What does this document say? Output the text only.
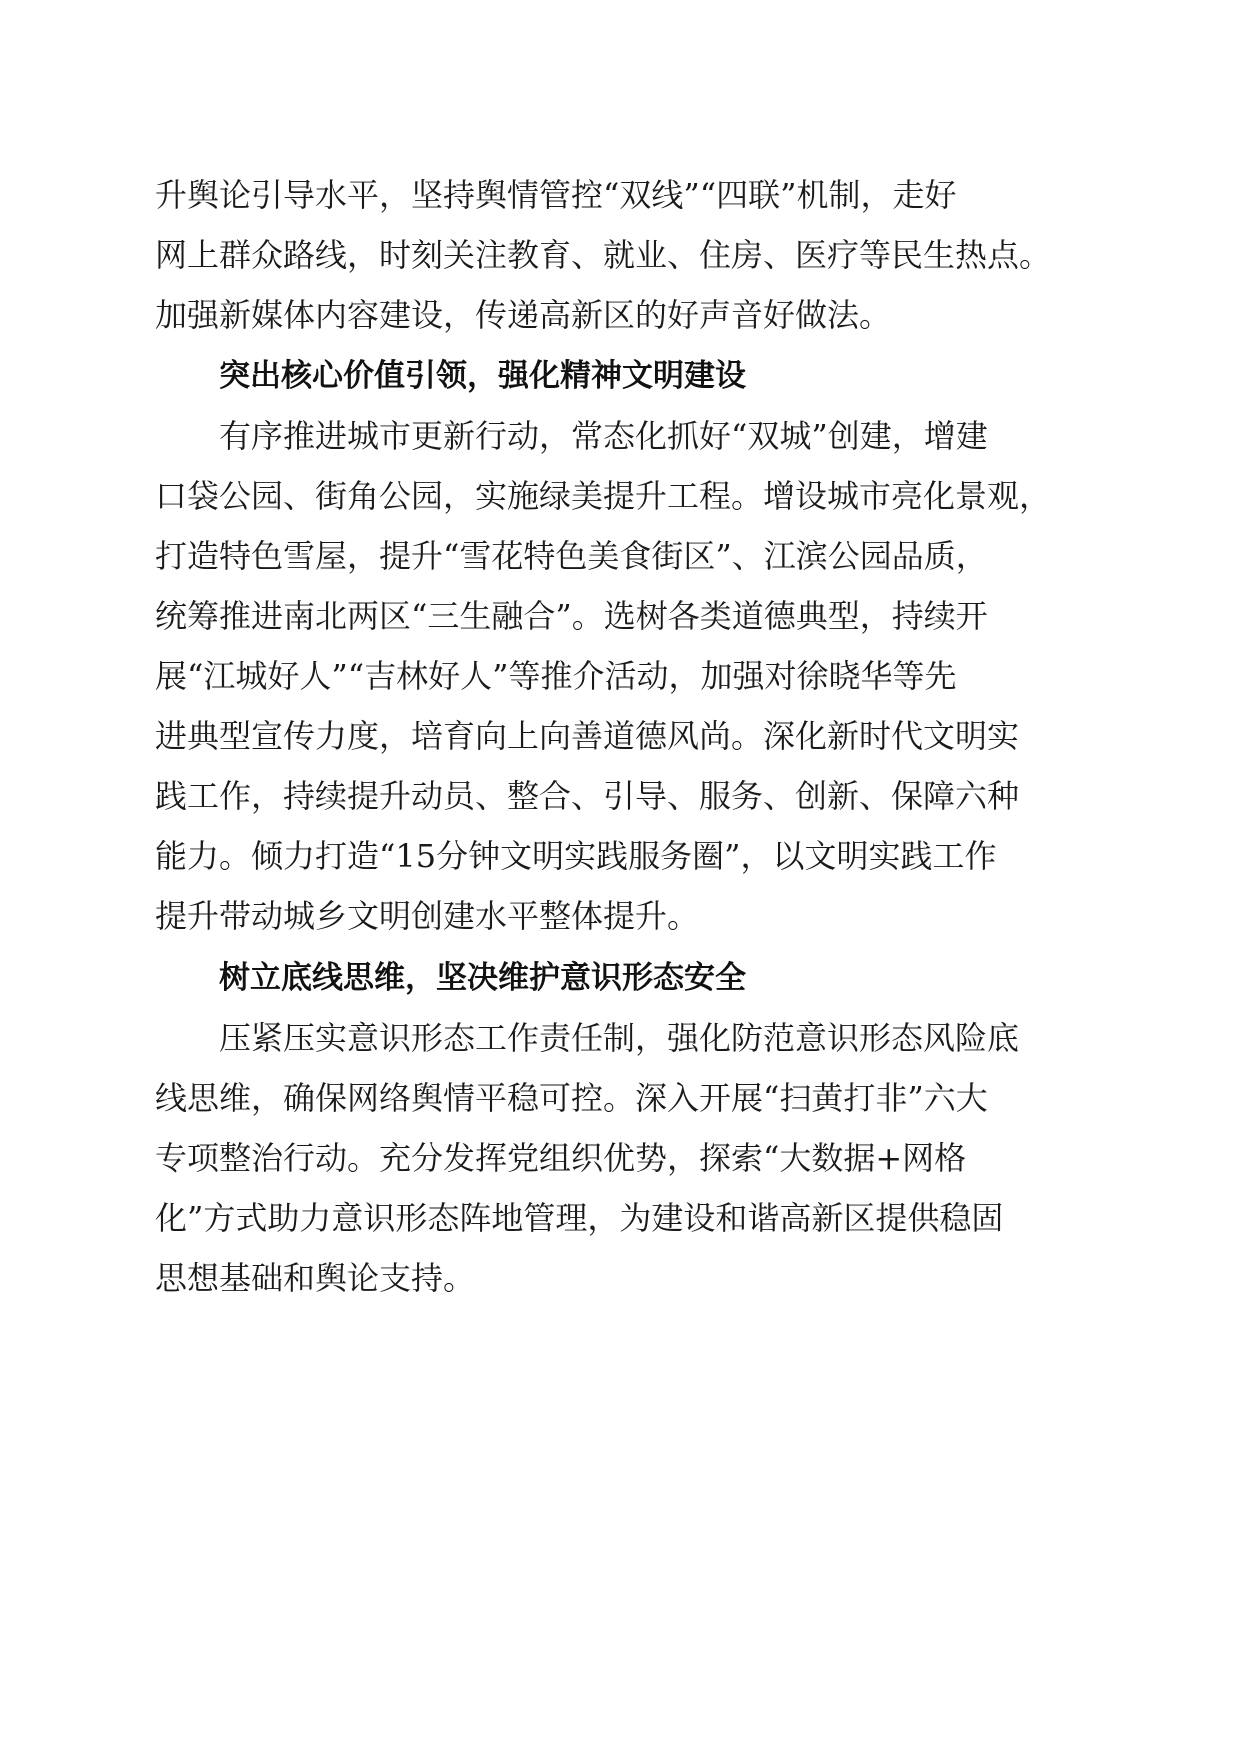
升舆论引导水平，坚持舆情管控“双线”“四联”机制，走好
网上群众路线，时刻关注教育、就业、住房、医疗等民生热点。
加强新媒体内容建设，传递高新区的好声音好做法。
突出核心价值引领，强化精神文明建设
有序推进城市更新行动，常态化抓好“双城”创建，增建
口袋公园、街角公园，实施绿美提升工程。增设城市亮化景观，
打造特色雪屋，提升“雪花特色美食街区”、江滨公园品质，
统筹推进南北两区“三生融合”。选树各类道德典型，持续开
展“江城好人”“吉林好人”等推介活动，加强对徐晓华等先
进典型宣传力度，培育向上向善道德风尚。深化新时代文明实
践工作，持续提升动员、整合、引导、服务、创新、保障六种
能力。倾力打造“15分钟文明实践服务圈”，以文明实践工作
提升带动城乡文明创建水平整体提升。
树立底线思维，坚决维护意识形态安全
压紧压实意识形态工作责任制，强化防范意识形态风险底
线思维，确保网络舆情平稳可控。深入开展“扫黄打非”六大
专项整治行动。充分发挥党组织优势，探索“大数据+网格
化”方式助力意识形态阵地管理，为建设和谐高新区提供稳固
思想基础和舆论支持。
